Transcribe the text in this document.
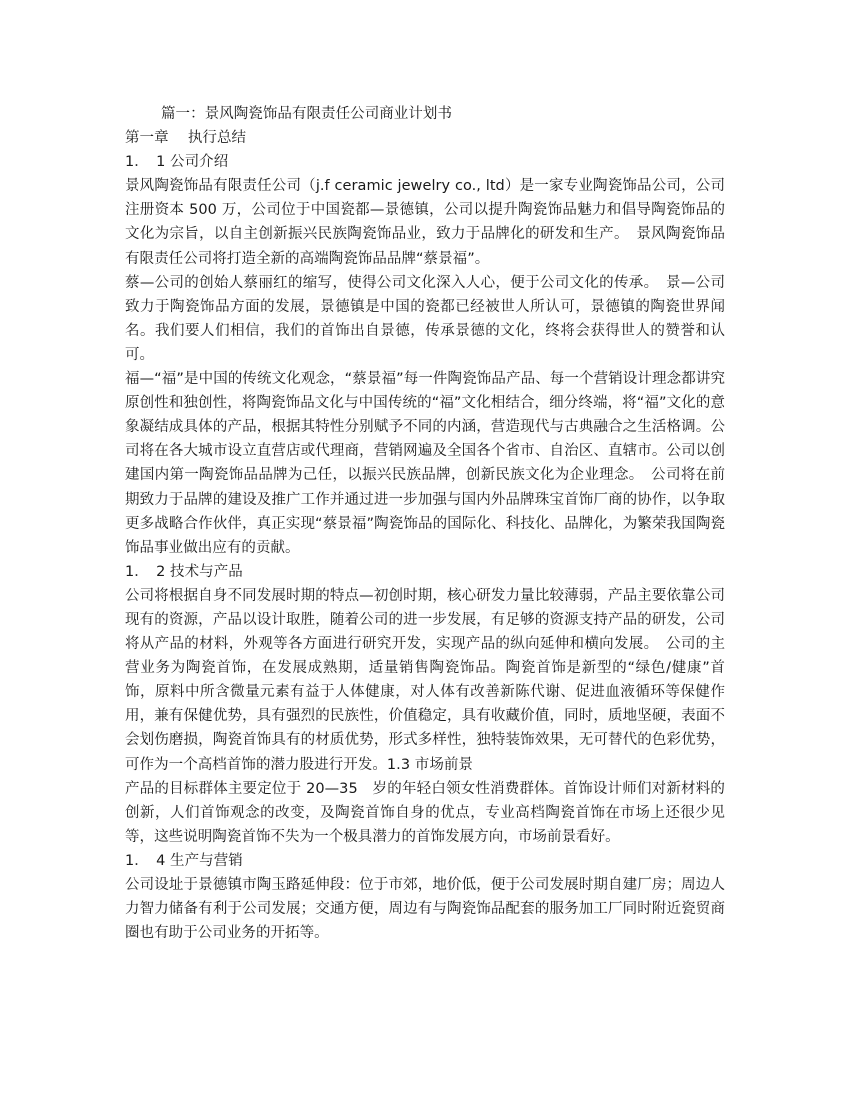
篇一：景风陶瓷饰品有限责任公司商业计划书

第一章　 执行总结

1．　1 公司介绍

景风陶瓷饰品有限责任公司（j.f ceramic jewelry co., ltd）是一家专业陶瓷饰品公司，公司注册资本 500 万，公司位于中国瓷都—景德镇，公司以提升陶瓷饰品魅力和倡导陶瓷饰品的文化为宗旨，以自主创新振兴民族陶瓷饰品业，致力于品牌化的研发和生产。　景风陶瓷饰品有限责任公司将打造全新的高端陶瓷饰品品牌“蔡景福”。

蔡—公司的创始人蔡丽红的缩写，使得公司文化深入人心，便于公司文化的传承。　景—公司致力于陶瓷饰品方面的发展，景德镇是中国的瓷都已经被世人所认可，景德镇的陶瓷世界闻名。我们要人们相信，我们的首饰出自景德，传承景德的文化，终将会获得世人的赞誉和认可。

福—“福”是中国的传统文化观念，“蔡景福”每一件陶瓷饰品产品、每一个营销设计理念都讲究原创性和独创性，将陶瓷饰品文化与中国传统的“福”文化相结合，细分终端，将“福”文化的意象凝结成具体的产品，根据其特性分别赋予不同的内涵，营造现代与古典融合之生活格调。公司将在各大城市设立直营店或代理商，营销网遍及全国各个省市、自治区、直辖市。公司以创建国内第一陶瓷饰品品牌为己任，以振兴民族品牌，创新民族文化为企业理念。　公司将在前期致力于品牌的建设及推广工作并通过进一步加强与国内外品牌珠宝首饰厂商的协作，以争取更多战略合作伙伴，真正实现“蔡景福”陶瓷饰品的国际化、科技化、品牌化，为繁荣我国陶瓷饰品事业做出应有的贡献。

1．　2 技术与产品

公司将根据自身不同发展时期的特点—初创时期，核心研发力量比较薄弱，产品主要依靠公司现有的资源，产品以设计取胜，随着公司的进一步发展，有足够的资源支持产品的研发，公司将从产品的材料，外观等各方面进行研究开发，实现产品的纵向延伸和横向发展。　公司的主营业务为陶瓷首饰，在发展成熟期，适量销售陶瓷饰品。陶瓷首饰是新型的“绿色/健康”首饰，原料中所含微量元素有益于人体健康，对人体有改善新陈代谢、促进血液循环等保健作用，兼有保健优势，具有强烈的民族性，价值稳定，具有收藏价值，同时，质地坚硬，表面不会划伤磨损，陶瓷首饰具有的材质优势，形式多样性，独特装饰效果，无可替代的色彩优势，可作为一个高档首饰的潜力股进行开发。1.3 市场前景

产品的目标群体主要定位于 20—35　岁的年轻白领女性消费群体。首饰设计师们对新材料的创新，人们首饰观念的改变，及陶瓷首饰自身的优点，专业高档陶瓷首饰在市场上还很少见等，这些说明陶瓷首饰不失为一个极具潜力的首饰发展方向，市场前景看好。

1．　4 生产与营销

公司设址于景德镇市陶玉路延伸段：位于市郊，地价低，便于公司发展时期自建厂房；周边人力智力储备有利于公司发展；交通方便，周边有与陶瓷饰品配套的服务加工厂同时附近瓷贸商圈也有助于公司业务的开拓等。
